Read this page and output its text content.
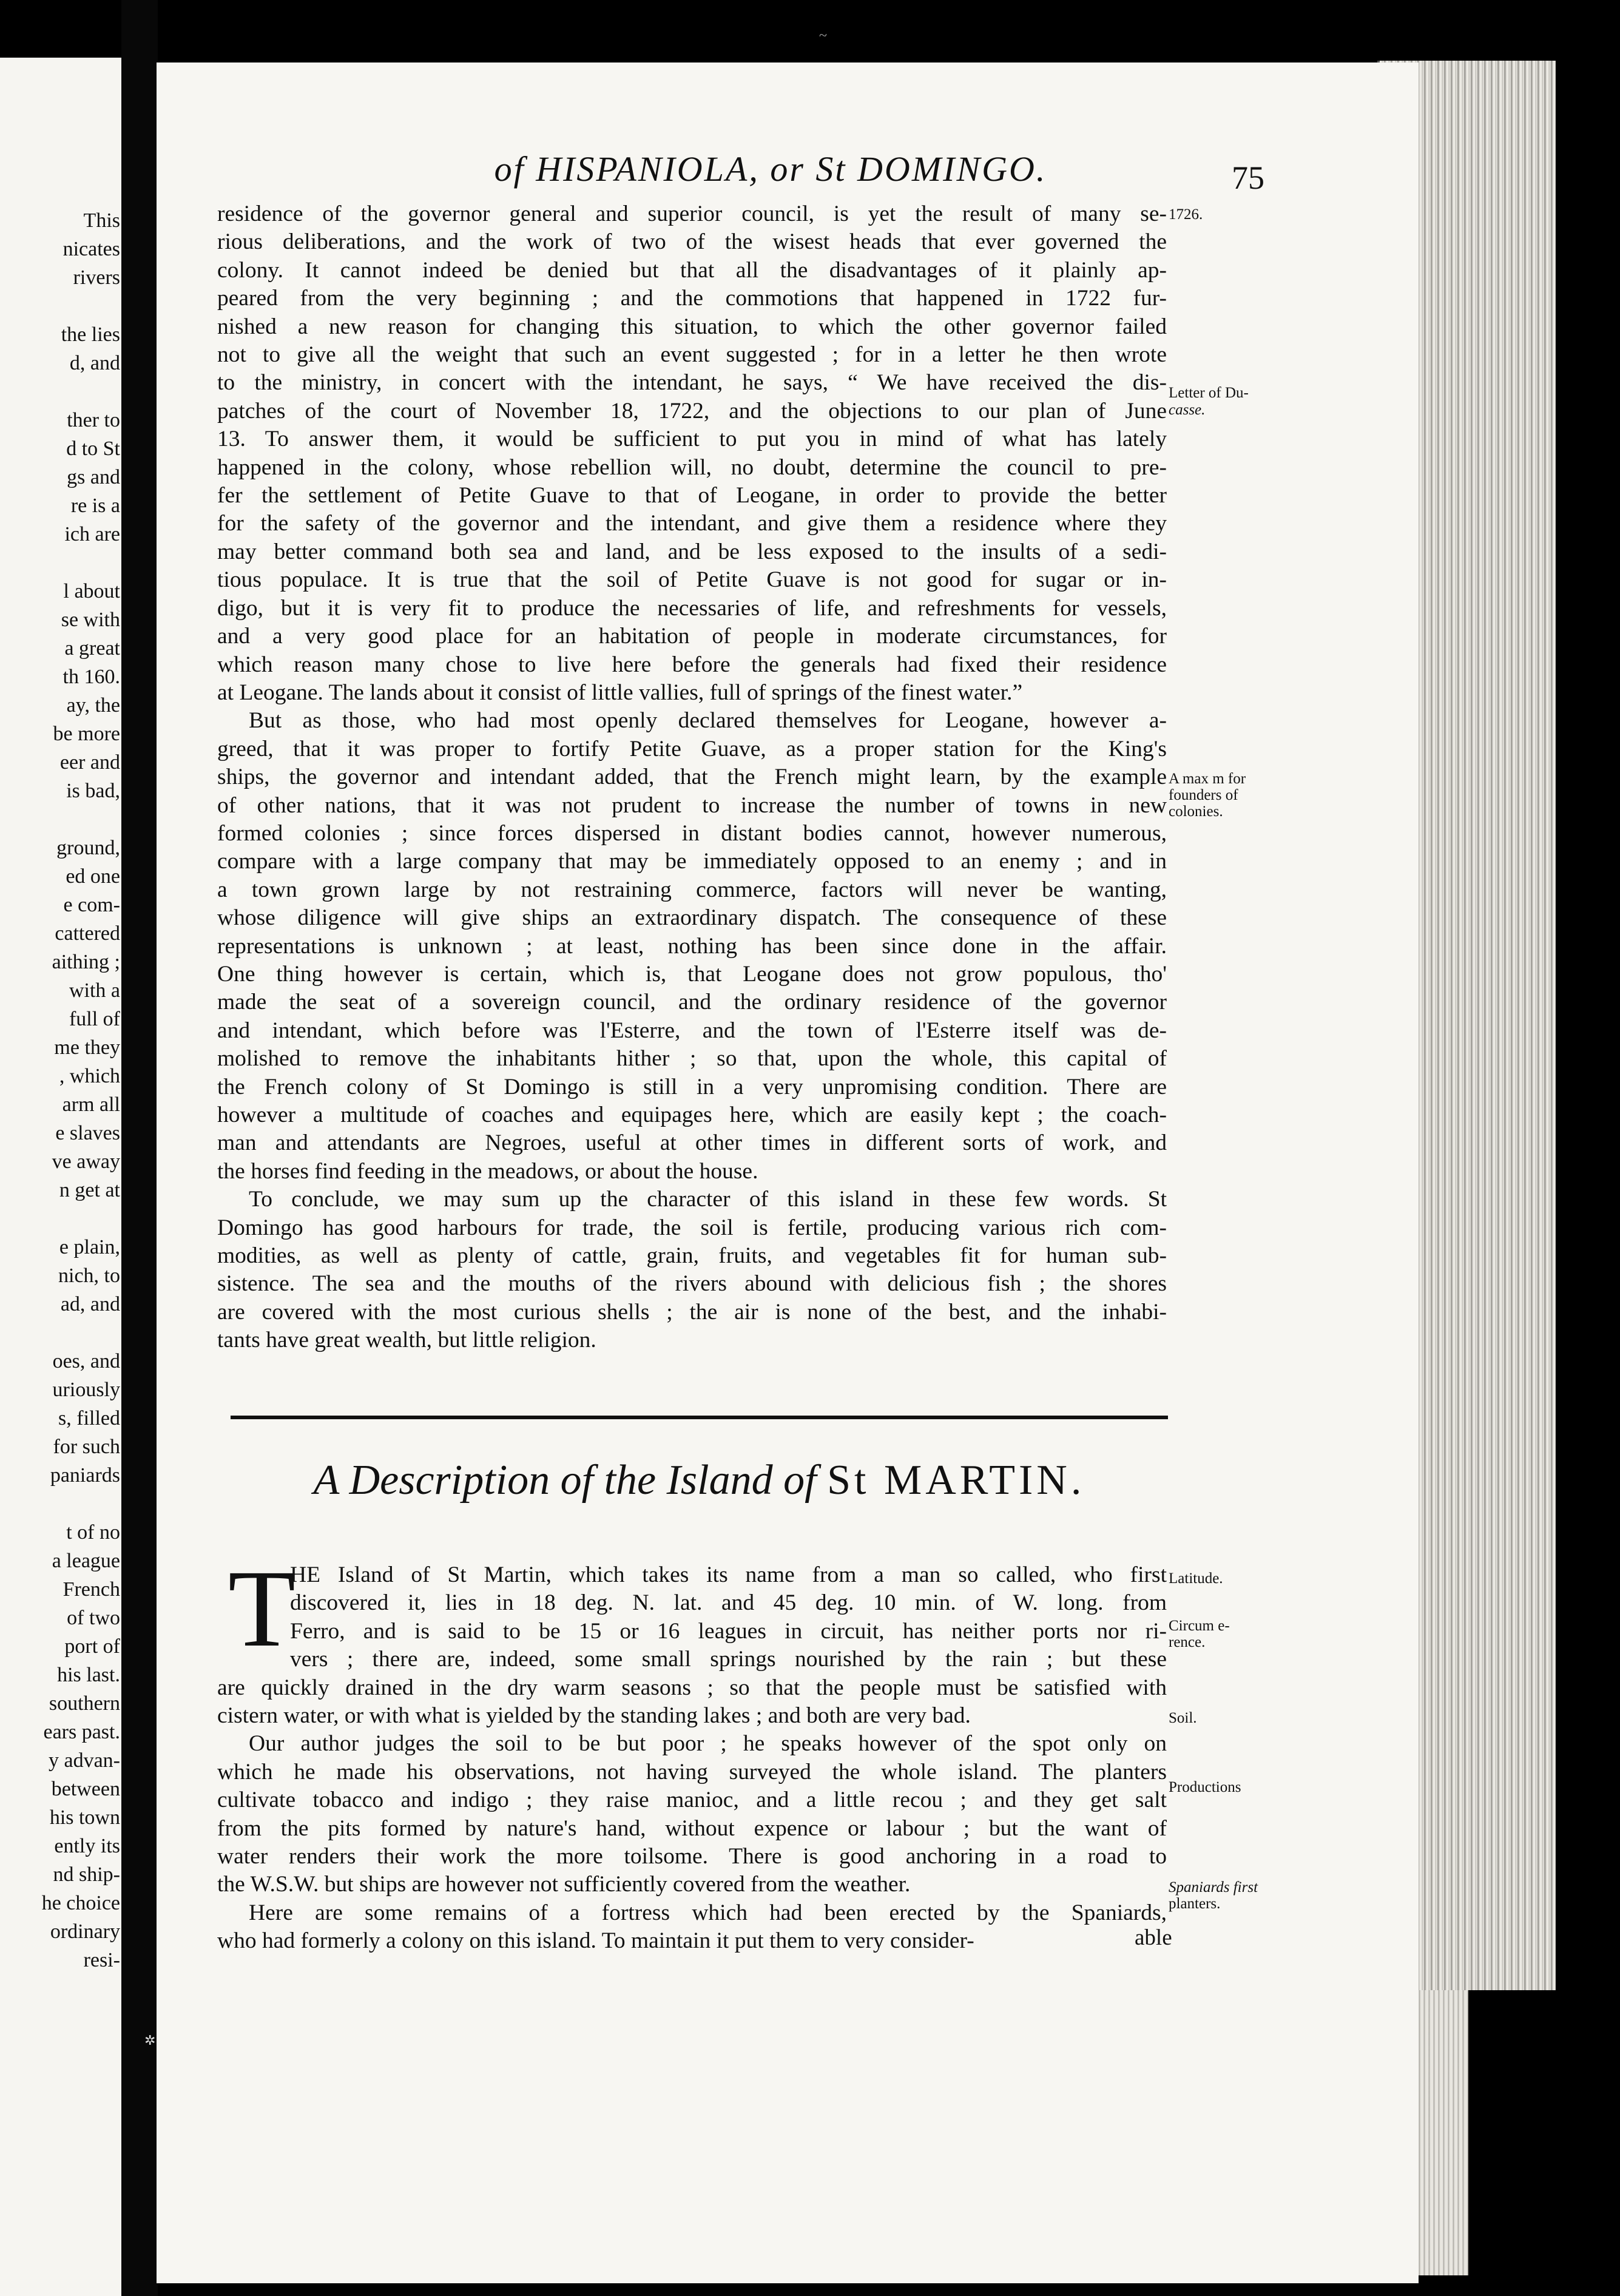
This
nicates
rivers

the lies
d, and

ther to
d to St
gs and
re is a
ich are

l about
se with
a great
th 160.
ay, the
be more
eer and
is bad,

ground,
ed one
e com-
cattered
aithing ;
with a
full of
me they
, which
arm all
e slaves
ve away
n get at

e plain,
nich, to
ad, and

oes, and
uriously
s, filled
for such
paniards

t of no
a league
French
of two
port of
his last.
southern
ears past.
y advan-
between
his town
ently its
nd ship-
he choice
ordinary
resi-
~
of HISPANIOLA, or St DOMINGO.	75

residence of the governor general and superior council, is yet the result of many se-

rious deliberations, and the work of two of the wisest heads that ever governed the

colony. It cannot indeed be denied but that all the disadvantages of it plainly ap-

peared from the very beginning ; and the commotions that happened in 1722 fur-

nished a new reason for changing this situation, to which the other governor failed

not to give all the weight that such an event suggested ; for in a letter he then wrote

to the ministry, in concert with the intendant, he says, “ We have received the dis-

patches of the court of November 18, 1722, and the objections to our plan of June

13. To answer them, it would be sufficient to put you in mind of what has lately

happened in the colony, whose rebellion will, no doubt, determine the council to pre-

fer the settlement of Petite Guave to that of Leogane, in order to provide the better

for the safety of the governor and the intendant, and give them a residence where they

may better command both sea and land, and be less exposed to the insults of a sedi-

tious populace. It is true that the soil of Petite Guave is not good for sugar or in-

digo, but it is very fit to produce the necessaries of life, and refreshments for vessels,

and a very good place for an habitation of people in moderate circumstances, for

which reason many chose to live here before the generals had fixed their residence

at Leogane. The lands about it consist of little vallies, full of springs of the finest water.”

But as those, who had most openly declared themselves for Leogane, however a-

greed, that it was proper to fortify Petite Guave, as a proper station for the King's

ships, the governor and intendant added, that the French might learn, by the example

of other nations, that it was not prudent to increase the number of towns in new

formed colonies ; since forces dispersed in distant bodies cannot, however numerous,

compare with a large company that may be immediately opposed to an enemy ; and in

a town grown large by not restraining commerce, factors will never be wanting,

whose diligence will give ships an extraordinary dispatch. The consequence of these

representations is unknown ; at least, nothing has been since done in the affair.

One thing however is certain, which is, that Leogane does not grow populous, tho'

made the seat of a sovereign council, and the ordinary residence of the governor

and intendant, which before was l'Esterre, and the town of l'Esterre itself was de-

molished to remove the inhabitants hither ; so that, upon the whole, this capital of

the French colony of St Domingo is still in a very unpromising condition. There are

however a multitude of coaches and equipages here, which are easily kept ; the coach-

man and attendants are Negroes, useful at other times in different sorts of work, and

the horses find feeding in the meadows, or about the house.

To conclude, we may sum up the character of this island in these few words. St

Domingo has good harbours for trade, the soil is fertile, producing various rich com-

modities, as well as plenty of cattle, grain, fruits, and vegetables fit for human sub-

sistence. The sea and the mouths of the rivers abound with delicious fish ; the shores

are covered with the most curious shells ; the air is none of the best, and the inhabi-

tants have great wealth, but little religion.

1726.
Letter of Du-
casse.
A max m for
founders of
colonies.
A Description of the Island of St MARTIN.
T

HE Island of St Martin, which takes its name from a man so called, who first

discovered it, lies in 18 deg. N. lat. and 45 deg. 10 min. of W. long. from

Ferro, and is said to be 15 or 16 leagues in circuit, has neither ports nor ri-

vers ; there are, indeed, some small springs nourished by the rain ; but these

are quickly drained in the dry warm seasons ; so that the people must be satisfied with

cistern water, or with what is yielded by the standing lakes ; and both are very bad.

Our author judges the soil to be but poor ; he speaks however of the spot only on

which he made his observations, not having surveyed the whole island. The planters

cultivate tobacco and indigo ; they raise manioc, and a little recou ; and they get salt

from the pits formed by nature's hand, without expence or labour ; but the want of

water renders their work the more toilsome. There is good anchoring in a road to

the W.S.W. but ships are however not sufficiently covered from the weather.

Here are some remains of a fortress which had been erected by the Spaniards,

who had formerly a colony on this island. To maintain it put them to very consider-

Latitude.
Circum e-
rence.
Soil.
Productions
Spaniards first
planters.
able
✲
